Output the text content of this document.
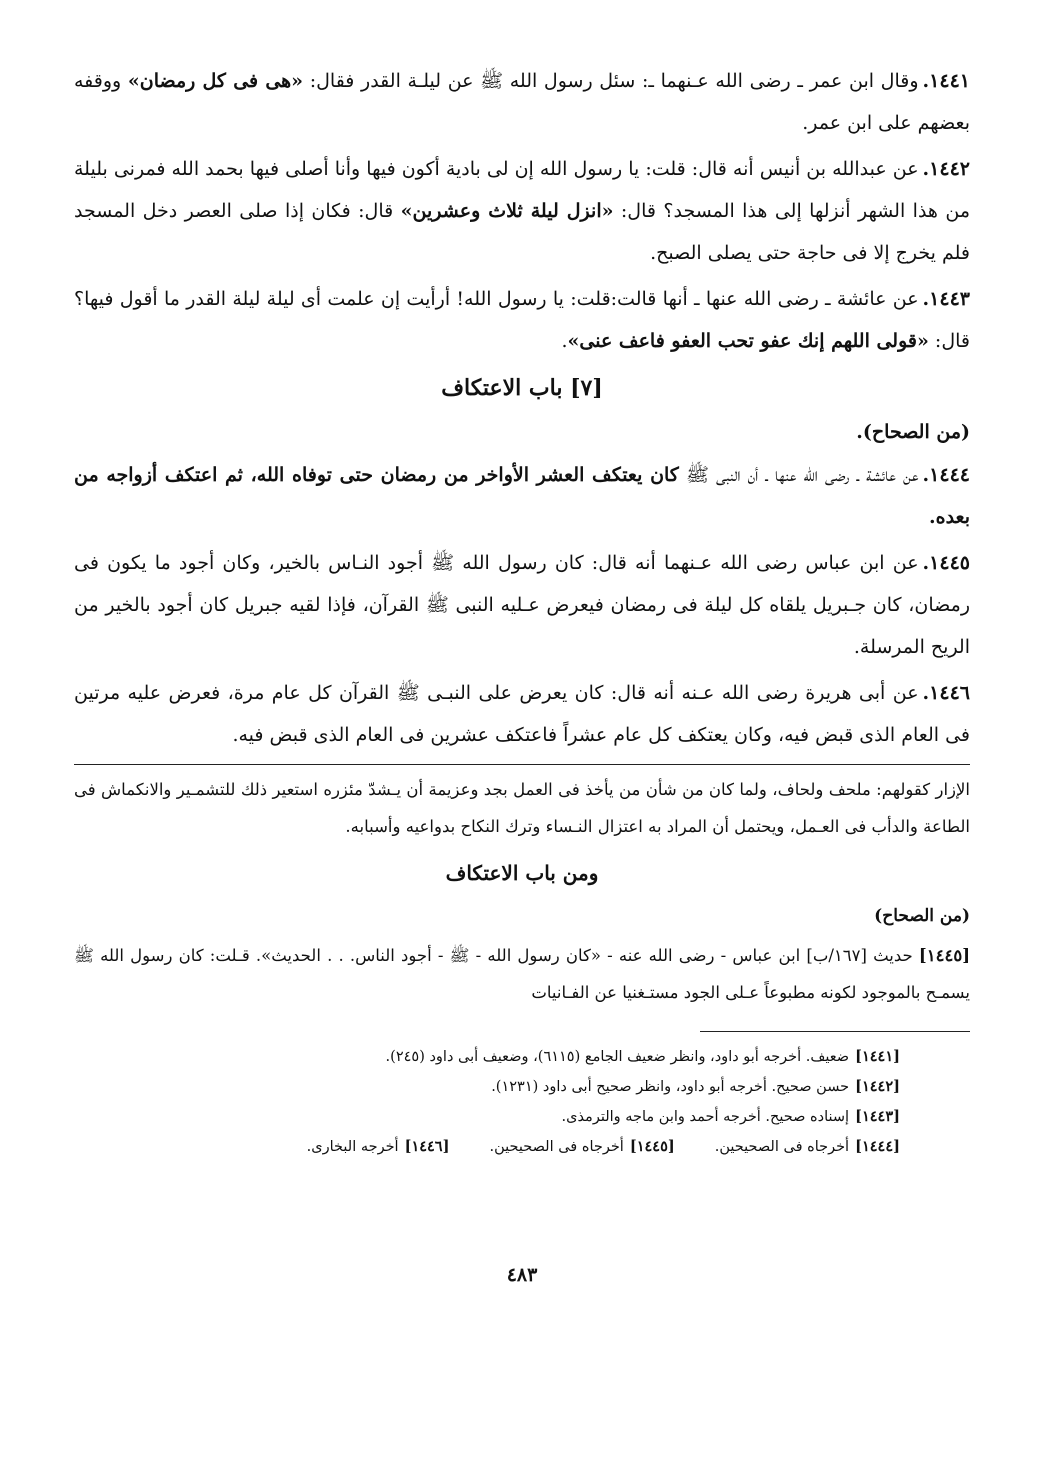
١٤٤١.وقال ابن عمر ـ رضى الله عـنهما ـ: سئل رسول الله ﷺ عن ليلـة القدر فقال: «هى فى كل رمضان» ووقفه بعضهم على ابن عمر.

١٤٤٢.عن عبدالله بن أنيس أنه قال: قلت: يا رسول الله إن لى بادية أكون فيها وأنا أصلى فيها بحمد الله فمرنى بليلة من هذا الشهر أنزلها إلى هذا المسجد؟ قال: «انزل ليلة ثلاث وعشرين» قال: فكان إذا صلى العصر دخل المسجد فلم يخرج إلا فى حاجة حتى يصلى الصبح.

١٤٤٣.عن عائشة ـ رضى الله عنها ـ أنها قالت:قلت: يا رسول الله! أرأيت إن علمت أى ليلة ليلة القدر ما أقول فيها؟ قال: «قولى اللهم إنك عفو تحب العفو فاعف عنى».

[٧] باب الاعتكاف

(من الصحاح).

١٤٤٤.عن عائشة ـ رضى الله عنها ـ أن النبى ﷺ كان يعتكف العشر الأواخر من رمضان حتى توفاه الله، ثم اعتكف أزواجه من بعده.

١٤٤٥.عن ابن عباس رضى الله عـنهما أنه قال: كان رسول الله ﷺ أجود النـاس بالخير، وكان أجود ما يكون فى رمضان، كان جـبريل يلقاه كل ليلة فى رمضان فيعرض عـليه النبى ﷺ القرآن، فإذا لقيه جبريل كان أجود بالخير من الريح المرسلة.

١٤٤٦.عن أبى هريرة رضى الله عـنه أنه قال: كان يعرض على النبـى ﷺ القرآن كل عام مرة، فعرض عليه مرتين فى العام الذى قبض فيه، وكان يعتكف كل عام عشراً فاعتكف عشرين فى العام الذى قبض فيه.

الإزار كقولهم: ملحف ولحاف، ولما كان من شأن من يأخذ فى العمل بجد وعزيمة أن يـشدّ مئزره استعير ذلك للتشمـير والانكماش فى الطاعة والدأب فى العـمل، ويحتمل أن المراد به اعتزال النـساء وترك النكاح بدواعيه وأسبابه.

ومن باب الاعتكاف

(من الصحاح)

[١٤٤٥] حديث [١٦٧/ب] ابن عباس - رضى الله عنه - «كان رسول الله - ﷺ - أجود الناس. . . الحديث». قـلت: كان رسول الله ﷺ يسمـح بالموجود لكونه مطبوعاً عـلى الجود مستـغنيا عن الفـانيات

[١٤٤١]ضعيف. أخرجه أبو داود، وانظر ضعيف الجامع (٦١١٥)، وضعيف أبى داود (٢٤٥).

[١٤٤٢]حسن صحيح. أخرجه أبو داود، وانظر صحيح أبى داود (١٢٣١).

[١٤٤٣]إسناده صحيح. أخرجه أحمد وابن ماجه والترمذى.

[١٤٤٤]أخرجاه فى الصحيحين.
[١٤٤٥]أخرجاه فى الصحيحين.
[١٤٤٦]أخرجه البخارى.
٤٨٣
